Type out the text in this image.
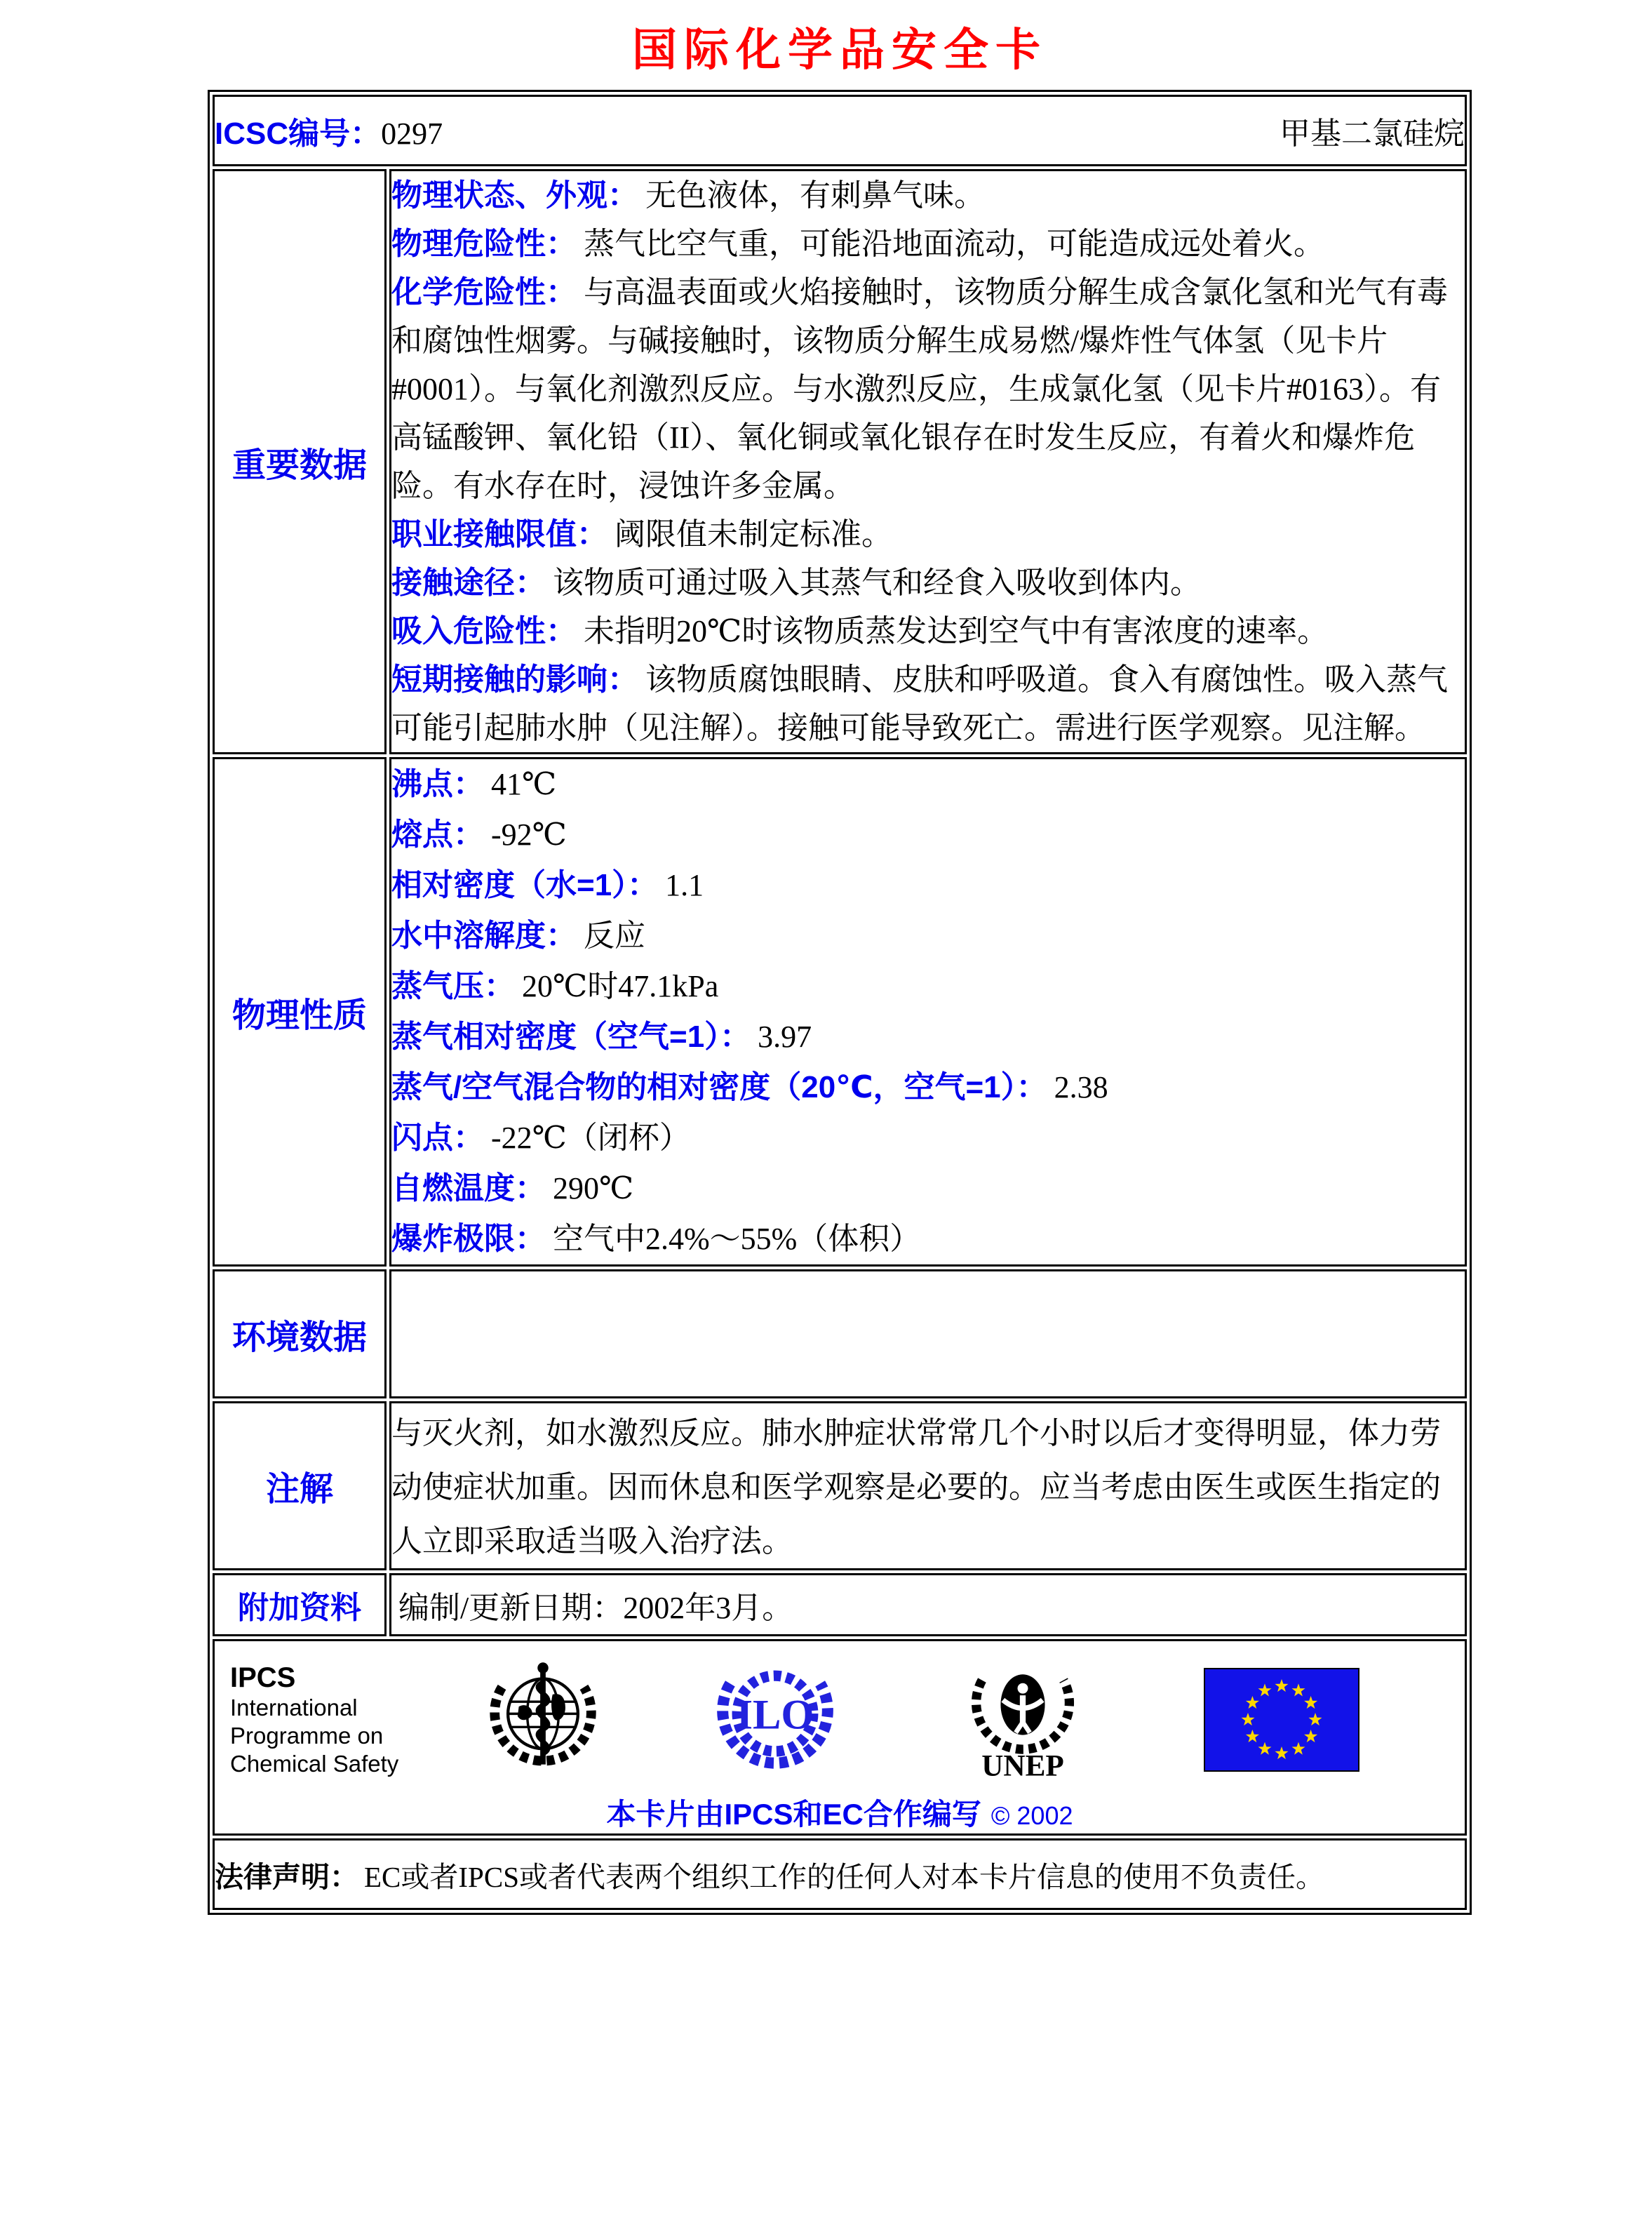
国际化学品安全卡
ICSC编号：0297 甲基二氯硅烷	

重要数据	
物理状态、外观： 无色液体，有刺鼻气味。
物理危险性： 蒸气比空气重，可能沿地面流动，可能造成远处着火。
化学危险性： 与高温表面或火焰接触时，该物质分解生成含氯化氢和光气有毒和腐蚀性烟雾。与碱接触时，该物质分解生成易燃/爆炸性气体氢（见卡片#0001）。与氧化剂激烈反应。与水激烈反应，生成氯化氢（见卡片#0163）。有高锰酸钾、氧化铅（II）、氧化铜或氧化银存在时发生反应，有着火和爆炸危险。有水存在时，浸蚀许多金属。
职业接触限值： 阈限值未制定标准。
接触途径： 该物质可通过吸入其蒸气和经食入吸收到体内。
吸入危险性： 未指明20℃时该物质蒸发达到空气中有害浓度的速率。
短期接触的影响： 该物质腐蚀眼睛、皮肤和呼吸道。食入有腐蚀性。吸入蒸气可能引起肺水肿（见注解）。接触可能导致死亡。需进行医学观察。见注解。

物理性质	
沸点： 41℃
熔点： -92℃
相对密度（水=1）： 1.1
水中溶解度： 反应
蒸气压： 20℃时47.1kPa
蒸气相对密度（空气=1）： 3.97
蒸气/空气混合物的相对密度（20℃，空气=1）： 2.38
闪点： -22℃（闭杯）
自燃温度： 290℃
爆炸极限： 空气中2.4%～55%（体积）

环境数据	
注解	与灭火剂，如水激烈反应。肺水肿症状常常几个小时以后才变得明显，体力劳动使症状加重。因而休息和医学观察是必要的。应当考虑由医生或医生指定的人立即采取适当吸入治疗法。

附加资料	编制/更新日期：2002年3月。

IPCS
International
Programme on
Chemical Safety
ILO
UNEP
本卡片由IPCS和EC合作编写 © 2002

法律声明： EC或者IPCS或者代表两个组织工作的任何人对本卡片信息的使用不负责任。	
